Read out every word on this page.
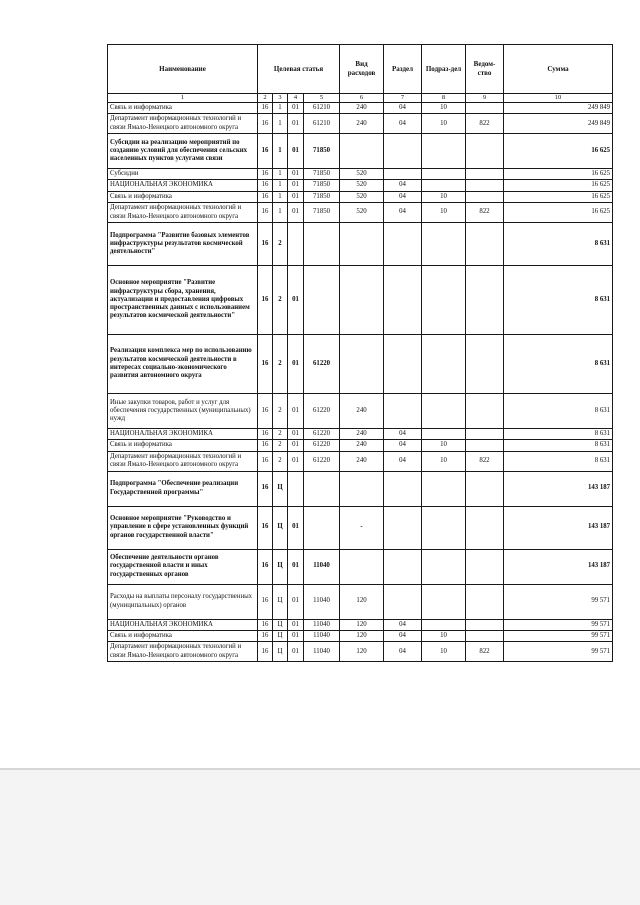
Наименование	Целевая статья				Вид расходов	Раздел	Подраз-дел	Ведом-ство	Сумма
1	2	3	4	5	6	7	8	9	10
Связь и информатика	16	1	01	61210	240	04	10		249 849
Департамент информационных технологий и связи Ямало-Ненецкого автономного округа	16	1	01	61210	240	04	10	822	249 849
Субсидии на реализацию мероприятий по созданию условий для обеспечения сельских населенных пунктов услугами связи	16	1	01	71850					16 625
Субсидии	16	1	01	71850	520				16 625
НАЦИОНАЛЬНАЯ ЭКОНОМИКА	16	1	01	71850	520	04			16 625
Связь и информатика	16	1	01	71850	520	04	10		16 625
Департамент информационных технологий и связи Ямало-Ненецкого автономного округа	16	1	01	71850	520	04	10	822	16 625
Подпрограмма "Развитие базовых элементов инфраструктуры результатов космической деятельности"	16	2							8 631
Основное мероприятие "Развитие инфраструктуры сбора, хранения, актуализации и предоставления цифровых пространственных данных с использованием результатов космической деятельности"	16	2	01						8 631
Реализация комплекса мер по использованию результатов космической деятельности в интересах социально-экономического развития автономного округа	16	2	01	61220					8 631
Иные закупки товаров, работ и услуг для обеспечения государственных (муниципальных) нужд	16	2	01	61220	240				8 631
НАЦИОНАЛЬНАЯ ЭКОНОМИКА	16	2	01	61220	240	04			8 631
Связь и информатика	16	2	01	61220	240	04	10		8 631
Департамент информационных технологий и связи Ямало-Ненецкого автономного округа	16	2	01	61220	240	04	10	822	8 631
Подпрограмма "Обеспечение реализации Государственной программы"	16	Ц							143 187
Основное мероприятие "Руководство и управление в сфере установленных функций органов государственной власти"	16	Ц	01		-				143 187
Обеспечение деятельности органов государственной власти и иных государственных органов	16	Ц	01	11040					143 187
Расходы на выплаты персоналу государственных (муниципальных) органов	16	Ц	01	11040	120				99 571
НАЦИОНАЛЬНАЯ ЭКОНОМИКА	16	Ц	01	11040	120	04			99 571
Связь и информатика	16	Ц	01	11040	120	04	10		99 571
Департамент информационных технологий и связи Ямало-Ненецкого автономного округа	16	Ц	01	11040	120	04	10	822	99 571
